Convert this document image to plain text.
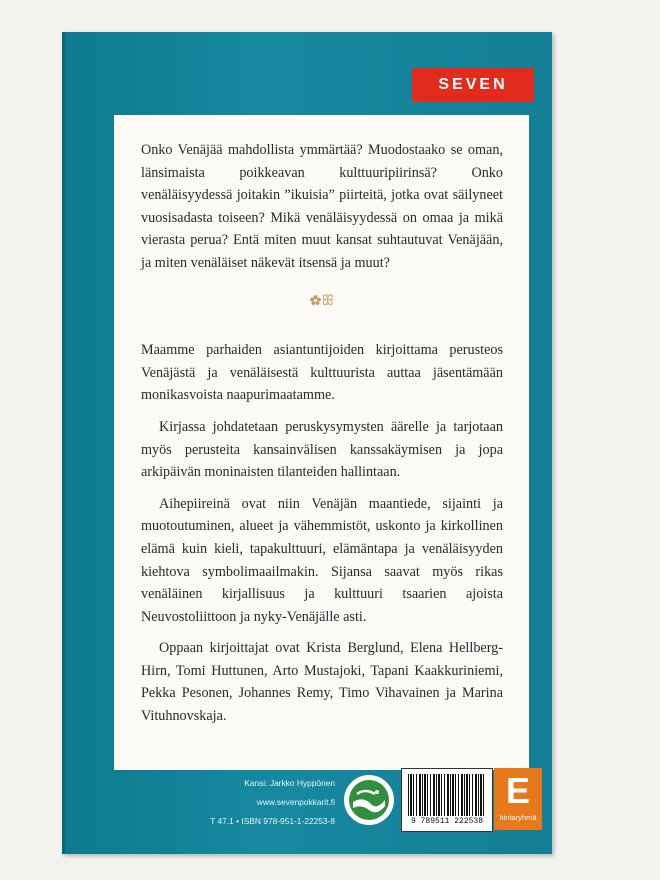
SEVEN

Onko Venäjää mahdollista ymmärtää? Muodostaako se oman, länsimaista poikkeavan kulttuuripiirinsä? Onko venäläisyydessä joitakin ”ikuisia” piirteitä, jotka ovat säilyneet vuosisadasta toiseen? Mikä venäläisyydessä on omaa ja mikä vierasta perua? Entä miten muut kansat suhtautuvat Venäjään, ja miten venäläiset näkevät itsensä ja muut?

✿ꕥ

Maamme parhaiden asiantuntijoiden kirjoittama perusteos Venäjästä ja venäläisestä kulttuurista auttaa jäsentämään monikasvoista naapurimaatamme.

Kirjassa johdatetaan peruskysymysten äärelle ja tarjotaan myös perusteita kansainvälisen kanssakäymisen ja jopa arkipäivän moninaisten tilanteiden hallintaan.

Aihepiireinä ovat niin Venäjän maantiede, sijainti ja muotoutuminen, alueet ja vähemmistöt, uskonto ja kirkollinen elämä kuin kieli, tapakulttuuri, elämäntapa ja venäläisyyden kiehtova symbolimaailmakin. Sijansa saavat myös rikas venäläinen kirjallisuus ja kulttuuri tsaarien ajoista Neuvostoliittoon ja nyky-Venäjälle asti.

Oppaan kirjoittajat ovat Krista Berglund, Elena Hellberg-Hirn, Tomi Huttunen, Arto Mustajoki, Tapani Kaakkuriniemi, Pekka Pesonen, Johannes Remy, Timo Vihavainen ja Marina Vituhnovskaja.

Kansi: Jarkko Hyppönen
www.sevenpokkarit.fi
T 47.1 • ISBN 978-951-1-22253-8	9 789511 222538
E
hintaryhmä
